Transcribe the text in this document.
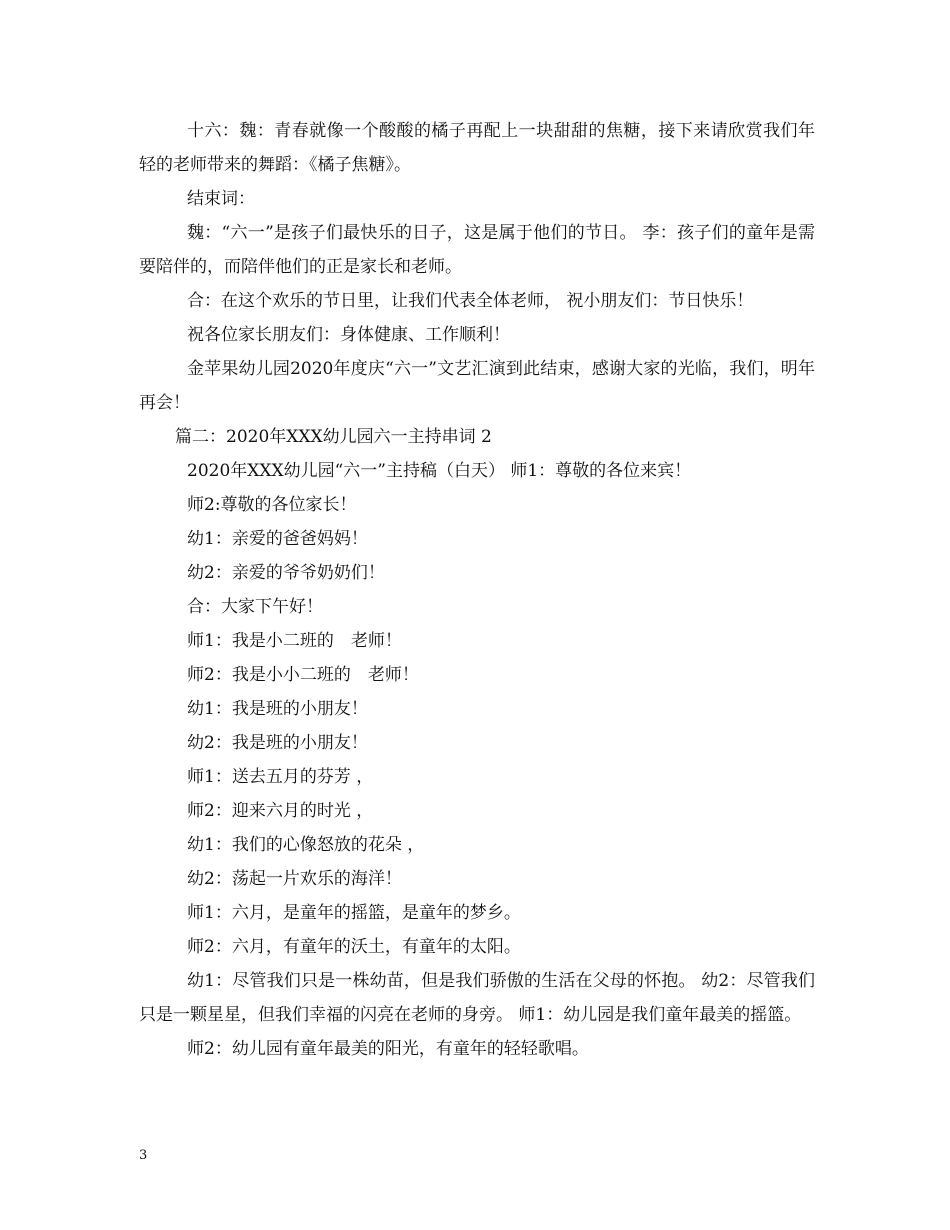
十六：魏：青春就像一个酸酸的橘子再配上一块甜甜的焦糖，接下来请欣赏我们年轻的老师带来的舞蹈：《橘子焦糖》。

结束词：

魏：“六一”是孩子们最快乐的日子，这是属于他们的节日。 李：孩子们的童年是需要陪伴的，而陪伴他们的正是家长和老师。

合：在这个欢乐的节日里，让我们代表全体老师， 祝小朋友们：节日快乐！

祝各位家长朋友们：身体健康、工作顺利！

金苹果幼儿园2020年度庆“六一”文艺汇演到此结束，感谢大家的光临，我们，明年再会！

篇二：2020年XXX幼儿园六一主持串词 2

2020年XXX幼儿园“六一”主持稿（白天） 师1：尊敬的各位来宾！

师2:尊敬的各位家长！

幼1：亲爱的爸爸妈妈！

幼2：亲爱的爷爷奶奶们！

合：大家下午好！

师1：我是小二班的　老师！

师2：我是小小二班的　老师！

幼1：我是班的小朋友！

幼2：我是班的小朋友！

师1：送去五月的芬芳 ，

师2：迎来六月的时光 ，

幼1：我们的心像怒放的花朵 ，

幼2：荡起一片欢乐的海洋！

师1：六月，是童年的摇篮，是童年的梦乡。

师2：六月，有童年的沃土，有童年的太阳。

幼1：尽管我们只是一株幼苗，但是我们骄傲的生活在父母的怀抱。 幼2：尽管我们只是一颗星星，但我们幸福的闪亮在老师的身旁。 师1：幼儿园是我们童年最美的摇篮。

师2：幼儿园有童年最美的阳光，有童年的轻轻歌唱。

3
